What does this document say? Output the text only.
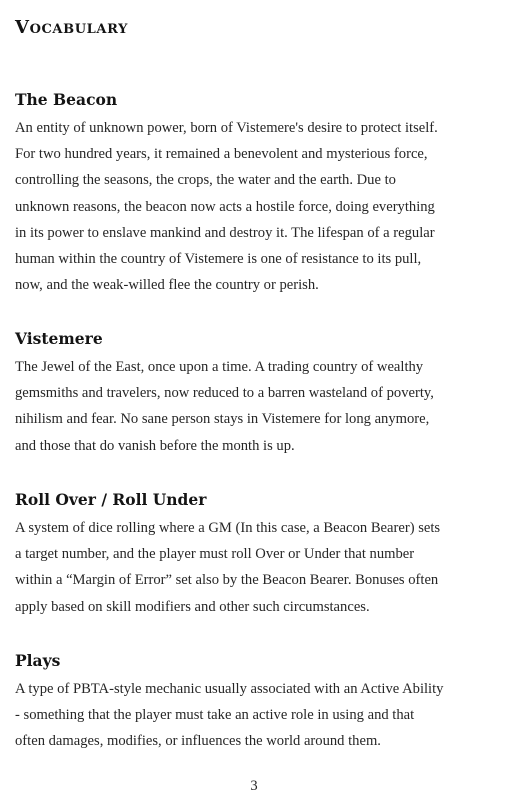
Vocabulary
The Beacon

An entity of unknown power, born of Vistemere's desire to protect itself.
For two hundred years, it remained a benevolent and mysterious force,
controlling the seasons, the crops, the water and the earth. Due to
unknown reasons, the beacon now acts a hostile force, doing everything
in its power to enslave mankind and destroy it. The lifespan of a regular
human within the country of Vistemere is one of resistance to its pull,
now, and the weak-willed flee the country or perish.

Vistemere

The Jewel of the East, once upon a time. A trading country of wealthy
gemsmiths and travelers, now reduced to a barren wasteland of poverty,
nihilism and fear. No sane person stays in Vistemere for long anymore,
and those that do vanish before the month is up.

Roll Over / Roll Under

A system of dice rolling where a GM (In this case, a Beacon Bearer) sets
a target number, and the player must roll Over or Under that number
within a “Margin of Error” set also by the Beacon Bearer. Bonuses often
apply based on skill modifiers and other such circumstances.

Plays

A type of PBTA-style mechanic usually associated with an Active Ability
- something that the player must take an active role in using and that
often damages, modifies, or influences the world around them.

3
